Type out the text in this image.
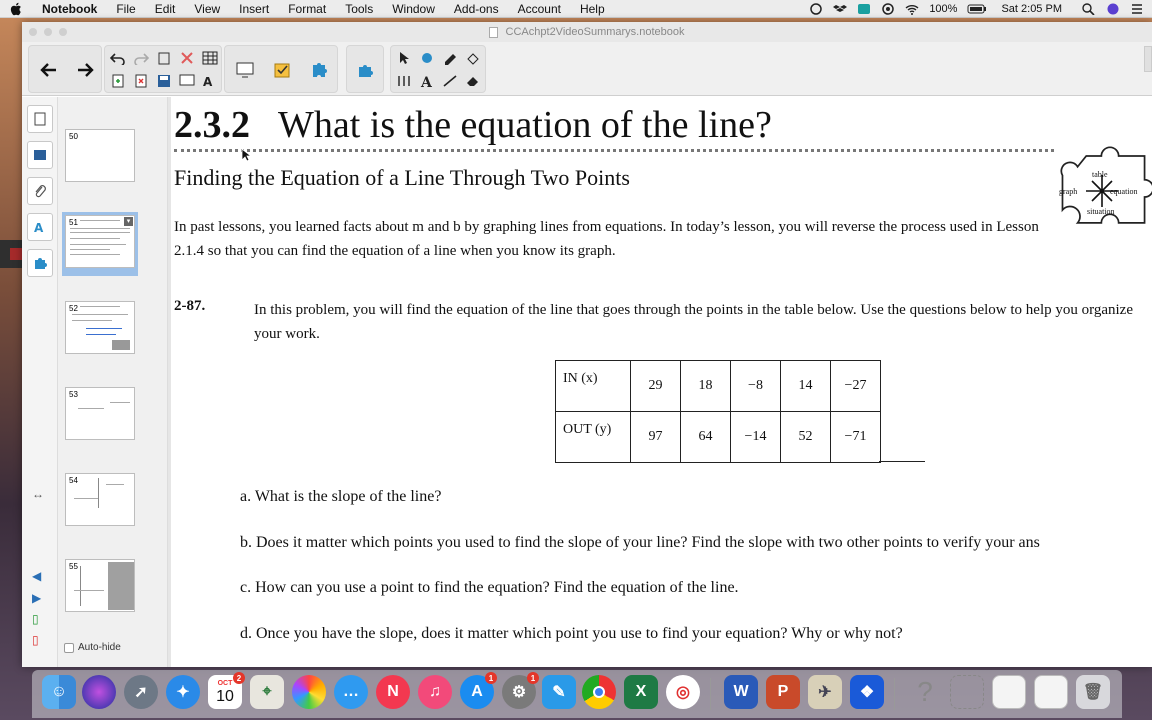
Notebook File Edit View Insert Format Tools Window Add-ons Account Help	100%	Sat 2:05 PM
CCAchpt2VideoSummarys.notebook
A	A
A
↔
◀
▶
▯
▯
50
51	▾
52
53
54
55
Auto-hide
2.3.2 What is the equation of the line?
Finding the Equation of a Line Through Two Points
In past lessons, you learned facts about m and b by graphing lines from equations. In today’s lesson, you will reverse the process used in Lesson 2.1.4 so that you can find the equation of a line when you know its graph.
2-87.	In this problem, you will find the equation of the line that goes through the points in the table below. Use the questions below to help you organize your work.
IN (x)	29	18	−8	14	−27
OUT (y)	97	64	−14	52	−71
a. What is the slope of the line?
b. Does it matter which points you used to find the slope of your line? Find the slope with two other points to verify your ans
c. How can you use a point to find the equation? Find the equation of the line.
d. Once you have the slope, does it matter which point you use to find your equation? Why or why not?
table
graph	equation
situation
☺	➚	✦
OCT
10
2
⌖	…	N	♫	A
1
⚙
1
✎	X	◎	W	P	✈	❖	?	🗑
